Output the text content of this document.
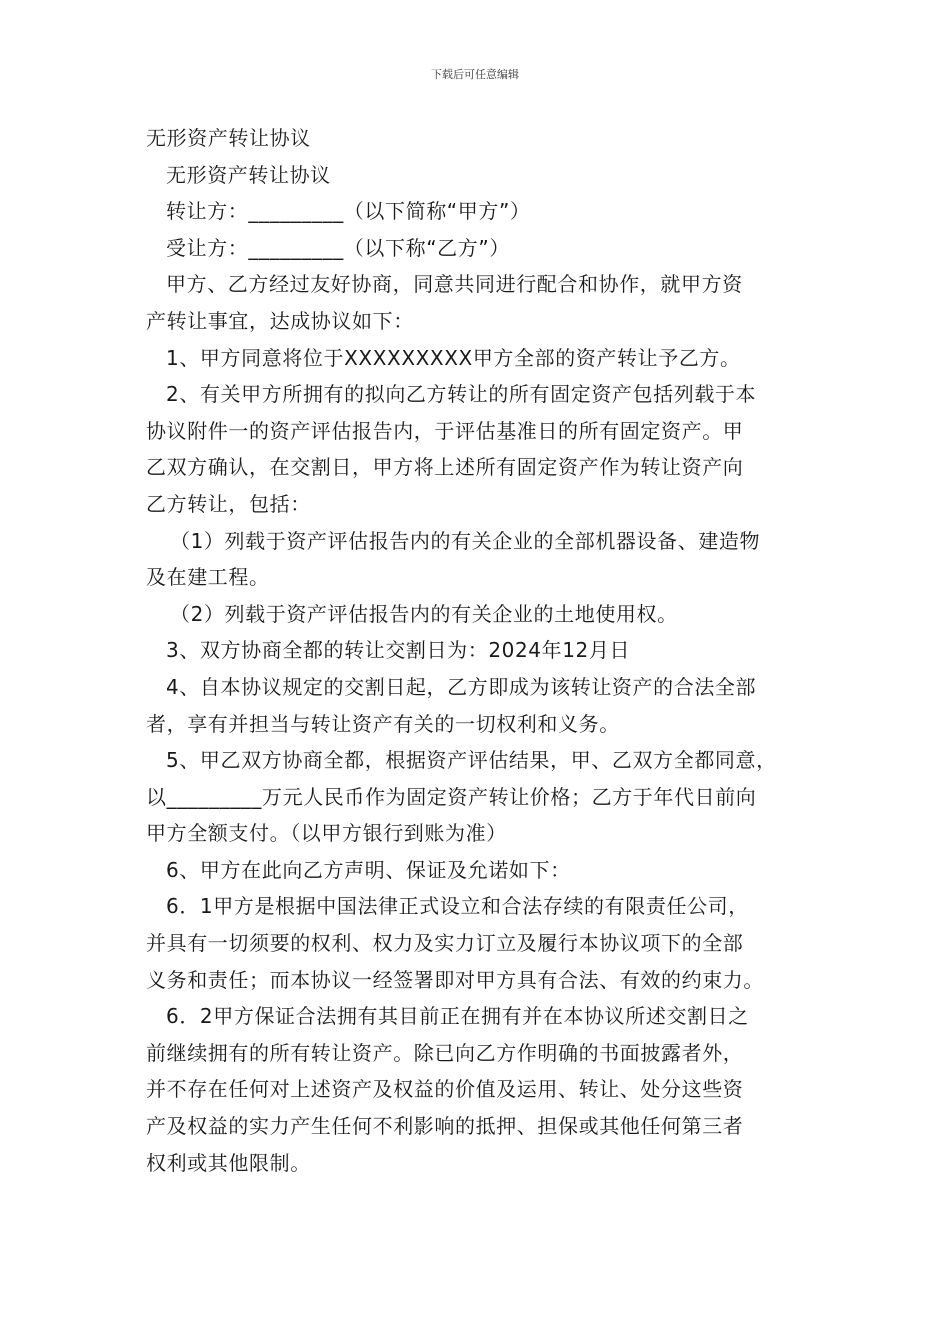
下载后可任意编辑
无形资产转让协议
无形资产转让协议
转让方：_________（以下简称“甲方”）
受让方：_________（以下称“乙方”）
甲方、乙方经过友好协商，同意共同进行配合和协作，就甲方资
产转让事宜，达成协议如下：
1、甲方同意将位于XXXXXXXXX甲方全部的资产转让予乙方。
2、有关甲方所拥有的拟向乙方转让的所有固定资产包括列载于本
协议附件一的资产评估报告内，于评估基准日的所有固定资产。甲
乙双方确认，在交割日，甲方将上述所有固定资产作为转让资产向
乙方转让，包括：
（1）列载于资产评估报告内的有关企业的全部机器设备、建造物
及在建工程。
（2）列载于资产评估报告内的有关企业的土地使用权。
3、双方协商全都的转让交割日为：2024年12月日
4、自本协议规定的交割日起，乙方即成为该转让资产的合法全部
者，享有并担当与转让资产有关的一切权利和义务。
5、甲乙双方协商全都，根据资产评估结果，甲、乙双方全都同意，
以_________万元人民币作为固定资产转让价格；乙方于年代日前向
甲方全额支付。（以甲方银行到账为准）
6、甲方在此向乙方声明、保证及允诺如下：
6．1甲方是根据中国法律正式设立和合法存续的有限责任公司，
并具有一切须要的权利、权力及实力订立及履行本协议项下的全部
义务和责任；而本协议一经签署即对甲方具有合法、有效的约束力。
6．2甲方保证合法拥有其目前正在拥有并在本协议所述交割日之
前继续拥有的所有转让资产。除已向乙方作明确的书面披露者外，
并不存在任何对上述资产及权益的价值及运用、转让、处分这些资
产及权益的实力产生任何不利影响的抵押、担保或其他任何第三者
权利或其他限制。
